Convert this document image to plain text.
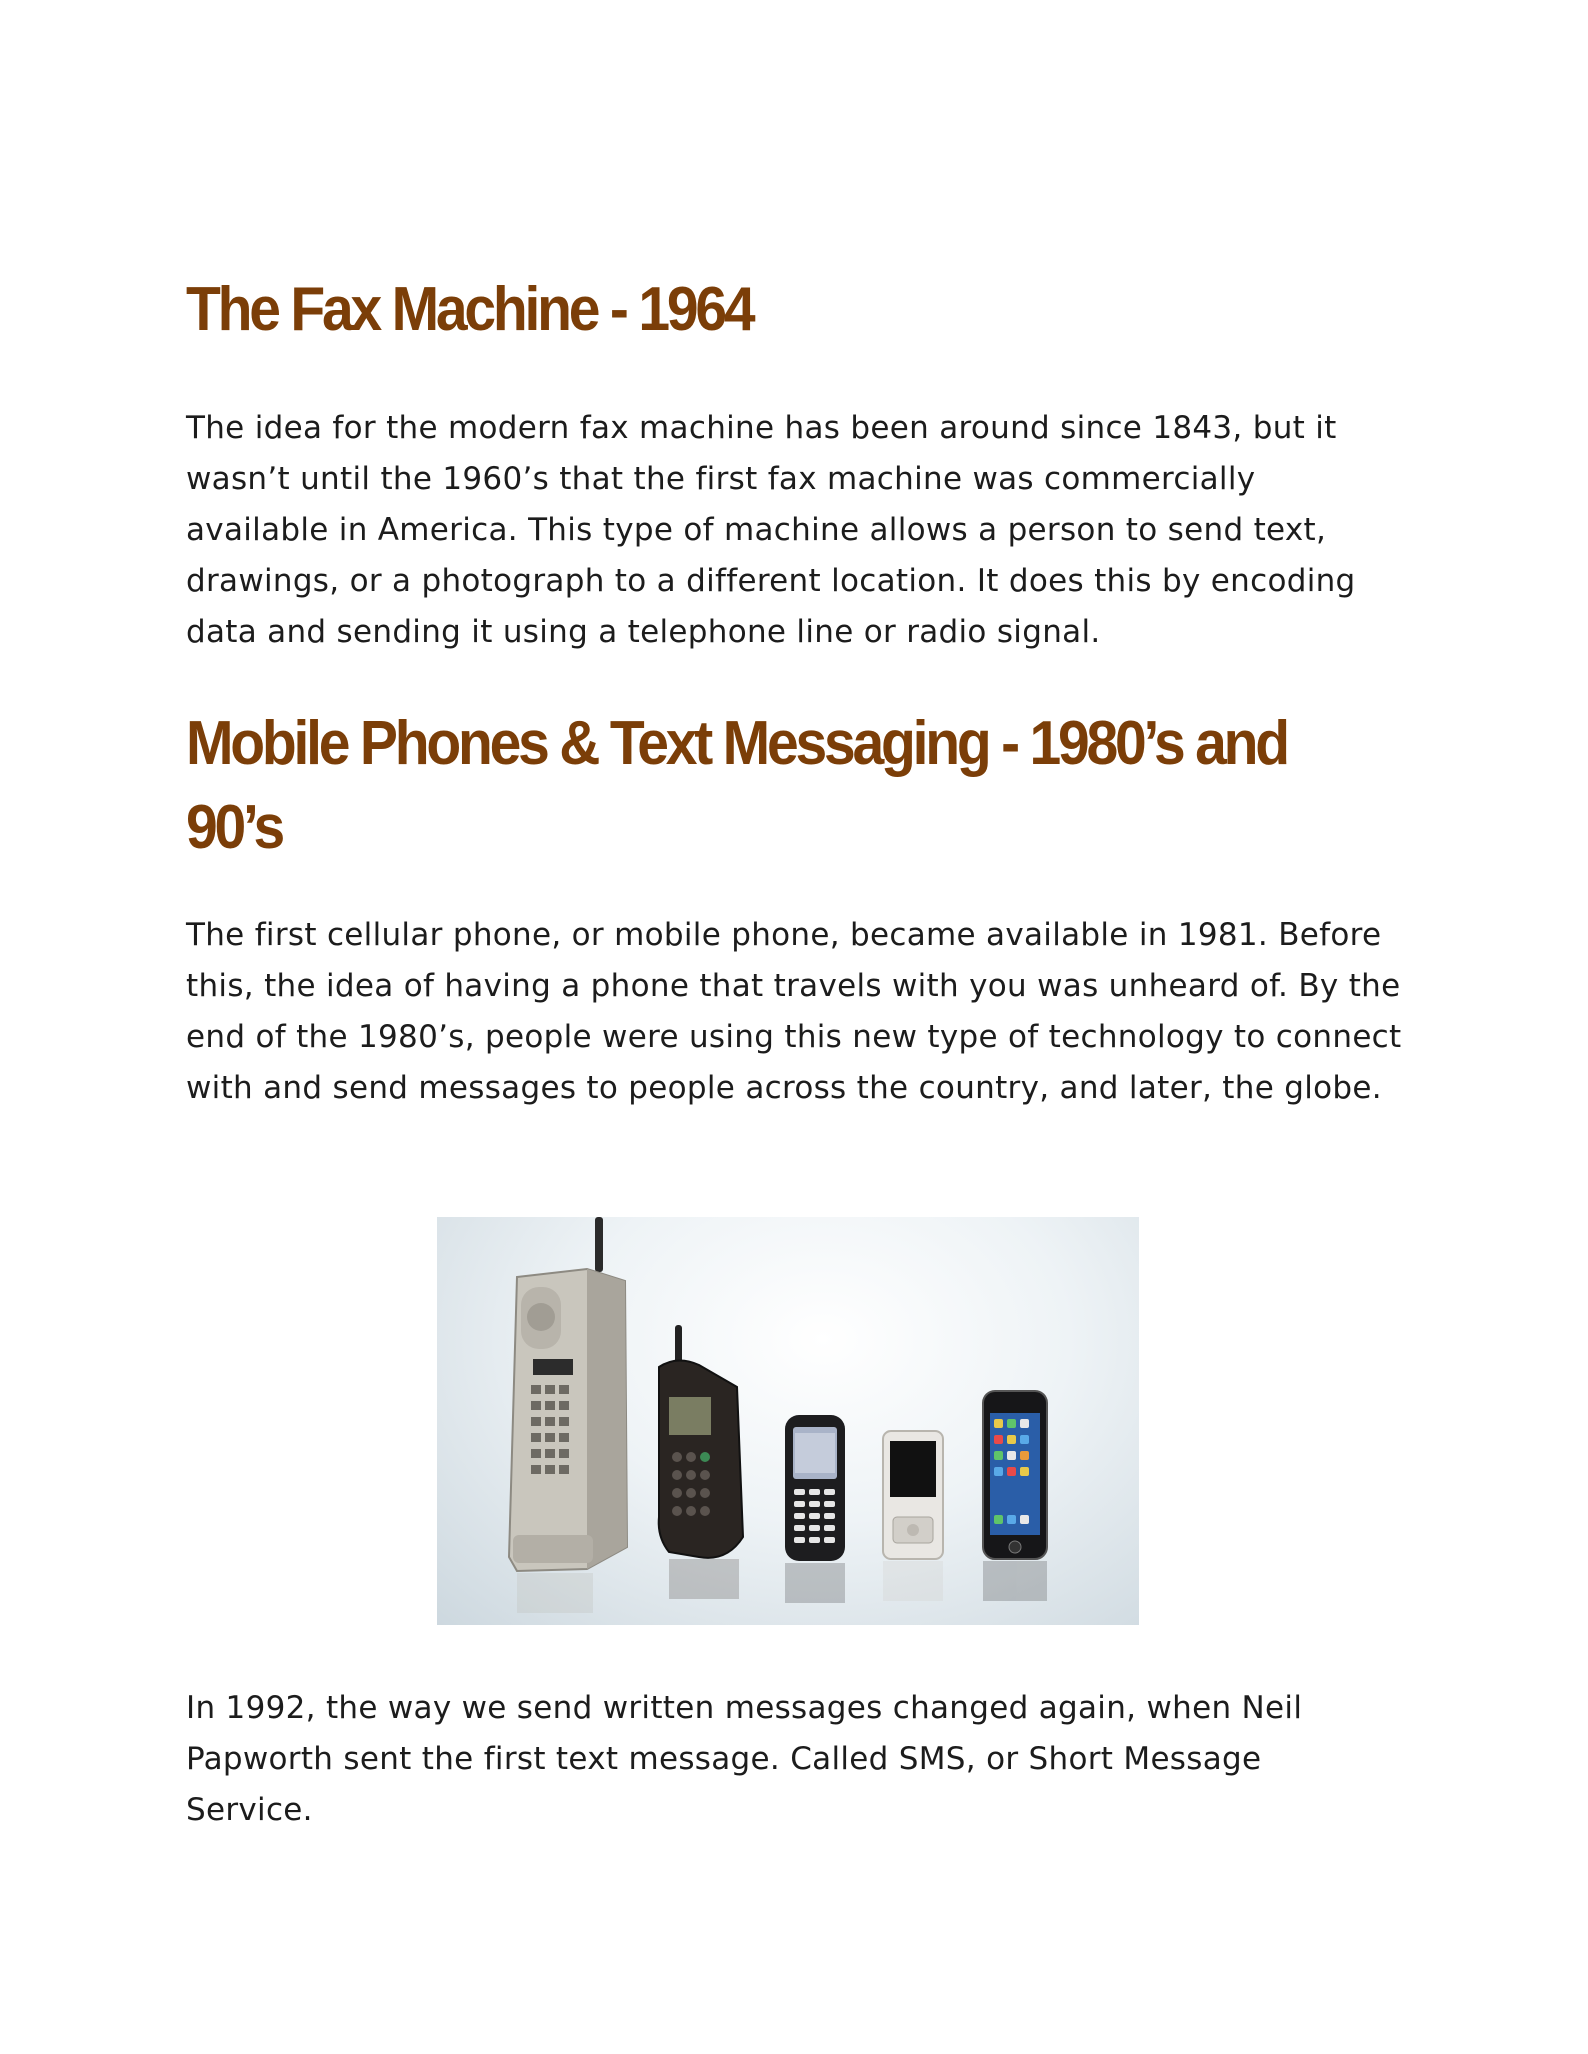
The Fax Machine - 1964

The idea for the modern fax machine has been around since 1843, but it wasn’t until the 1960’s that the first fax machine was commercially available in America. This type of machine allows a person to send text, drawings, or a photograph to a different location. It does this by encoding data and sending it using a telephone line or radio signal.

Mobile Phones & Text Messaging - 1980’s and 90’s

The first cellular phone, or mobile phone, became available in 1981. Before this, the idea of having a phone that travels with you was unheard of. By the end of the 1980’s, people were using this new type of technology to connect with and send messages to people across the country, and later, the globe.

In 1992, the way we send written messages changed again, when Neil Papworth sent the first text message. Called SMS, or Short Message Service.
